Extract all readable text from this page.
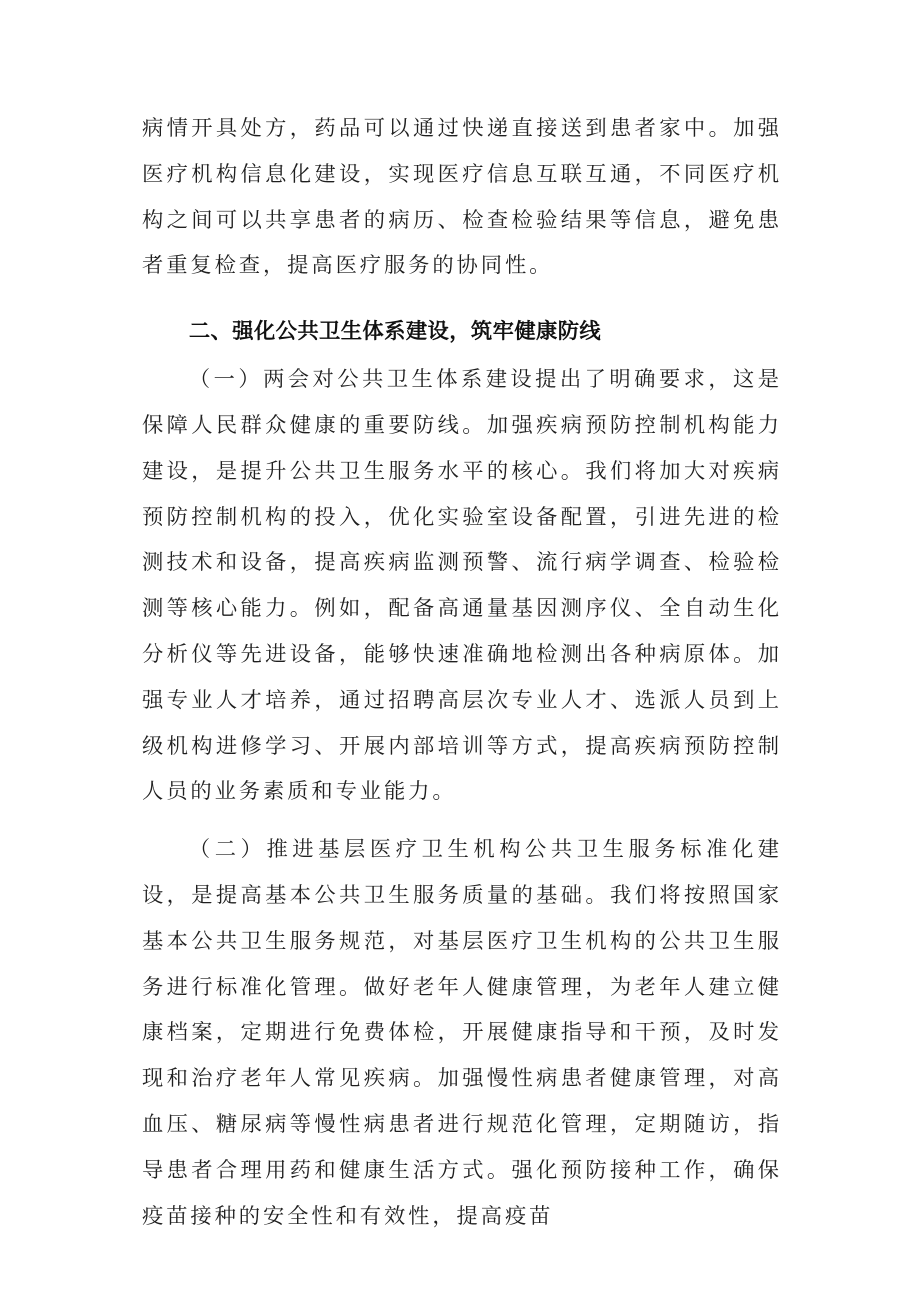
病情开具处方，药品可以通过快递直接送到患者家中。加强医疗机构信息化建设，实现医疗信息互联互通，不同医疗机构之间可以共享患者的病历、检查检验结果等信息，避免患者重复检查，提高医疗服务的协同性。

二、强化公共卫生体系建设，筑牢健康防线

（一）两会对公共卫生体系建设提出了明确要求，这是保障人民群众健康的重要防线。加强疾病预防控制机构能力建设，是提升公共卫生服务水平的核心。我们将加大对疾病预防控制机构的投入，优化实验室设备配置，引进先进的检测技术和设备，提高疾病监测预警、流行病学调查、检验检测等核心能力。例如，配备高通量基因测序仪、全自动生化分析仪等先进设备，能够快速准确地检测出各种病原体。加强专业人才培养，通过招聘高层次专业人才、选派人员到上级机构进修学习、开展内部培训等方式，提高疾病预防控制人员的业务素质和专业能力。

（二）推进基层医疗卫生机构公共卫生服务标准化建设，是提高基本公共卫生服务质量的基础。我们将按照国家基本公共卫生服务规范，对基层医疗卫生机构的公共卫生服务进行标准化管理。做好老年人健康管理，为老年人建立健康档案，定期进行免费体检，开展健康指导和干预，及时发现和治疗老年人常见疾病。加强慢性病患者健康管理，对高血压、糖尿病等慢性病患者进行规范化管理，定期随访，指导患者合理用药和健康生活方式。强化预防接种工作，确保疫苗接种的安全性和有效性，提高疫苗
